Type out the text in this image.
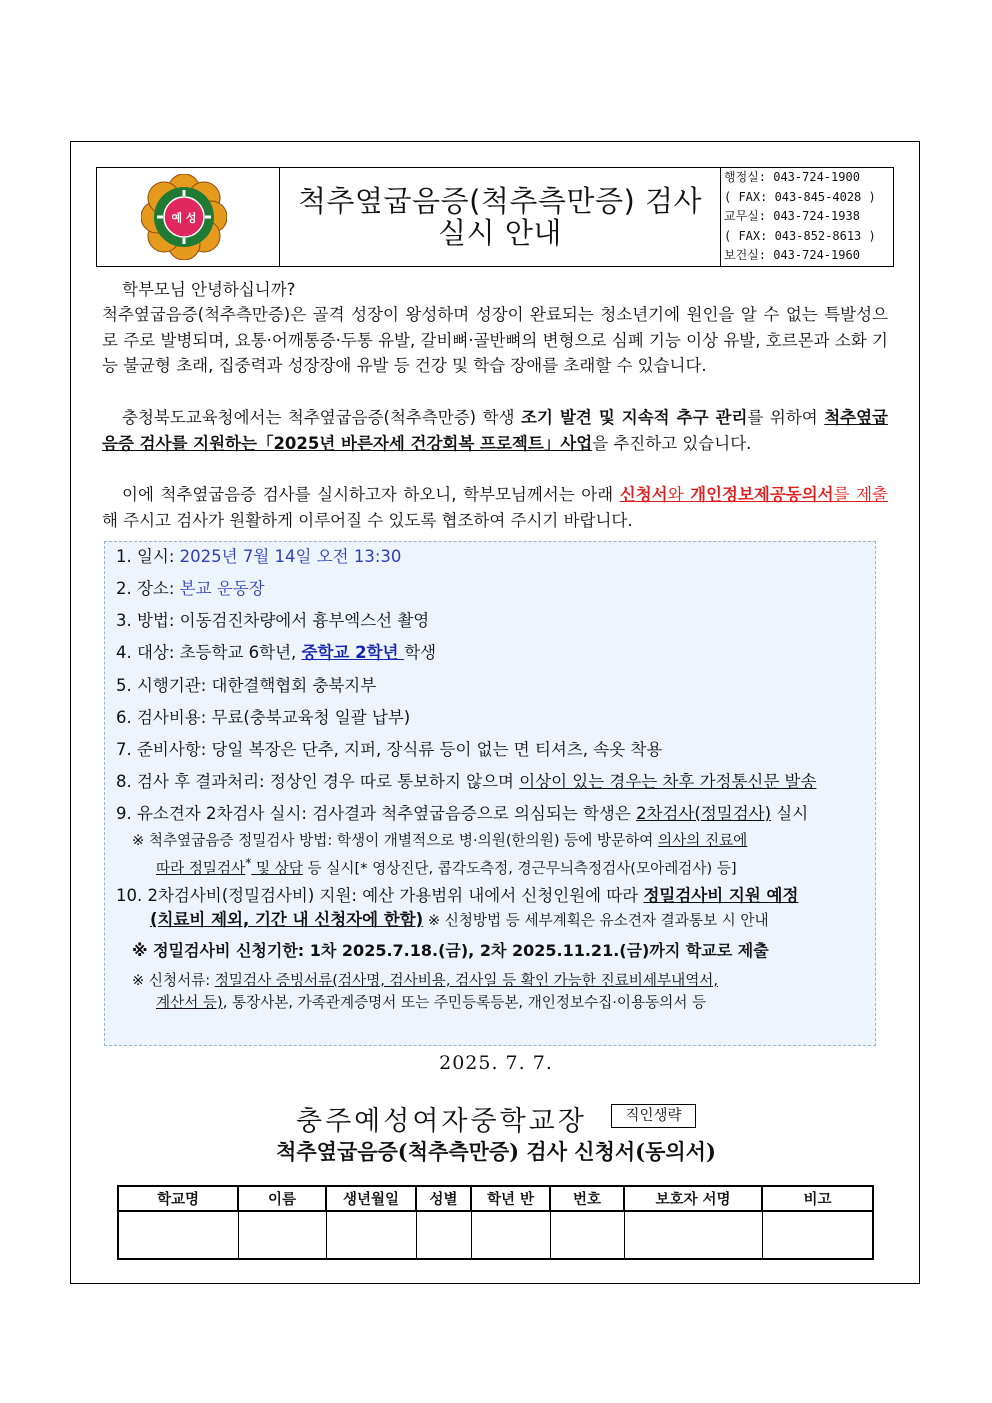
예 성	척추옆굽음증(척추측만증) 검사
실시 안내
행정실: 043-724-1900
( FAX: 043-845-4028 )
교무실: 043-724-1938
( FAX: 043-852-8613 )
보건실: 043-724-1960
학부모님 안녕하십니까?
척추옆굽음증(척추측만증)은 골격 성장이 왕성하며 성장이 완료되는 청소년기에 원인을 알 수 없는 특발성으로 주로 발병되며, 요통·어깨통증·두통 유발, 갈비뼈·골반뼈의 변형으로 심폐 기능 이상 유발, 호르몬과 소화 기능 불균형 초래, 집중력과 성장장애 유발 등 건강 및 학습 장애를 초래할 수 있습니다.
충청북도교육청에서는 척추옆굽음증(척추측만증) 학생 조기 발견 및 지속적 추구 관리를 위하여 척추옆굽음증 검사를 지원하는「2025년 바른자세 건강회복 프로젝트」사업을 추진하고 있습니다.
이에 척추옆굽음증 검사를 실시하고자 하오니, 학부모님께서는 아래 신청서와 개인정보제공동의서를 제출해 주시고 검사가 원활하게 이루어질 수 있도록 협조하여 주시기 바랍니다.
1. 일시: 2025년 7월 14일 오전 13:30
2. 장소: 본교 운동장
3. 방법: 이동검진차량에서 흉부엑스선 촬영
4. 대상: 초등학교 6학년, 중학교 2학년 학생
5. 시행기관: 대한결핵협회 충북지부
6. 검사비용: 무료(충북교육청 일괄 납부)
7. 준비사항: 당일 복장은 단추, 지퍼, 장식류 등이 없는 면 티셔츠, 속옷 착용
8. 검사 후 결과처리: 정상인 경우 따로 통보하지 않으며 이상이 있는 경우는 차후 가정통신문 발송
9. 유소견자 2차검사 실시: 검사결과 척추옆굽음증으로 의심되는 학생은 2차검사(정밀검사) 실시
※ 척추옆굽음증 정밀검사 방법: 학생이 개별적으로 병·의원(한의원) 등에 방문하여 의사의 진료에
따라 정밀검사* 및 상담 등 실시[* 영상진단, 콥각도측정, 경근무늬측정검사(모아레검사) 등]
10. 2차검사비(정밀검사비) 지원: 예산 가용범위 내에서 신청인원에 따라 정밀검사비 지원 예정
(치료비 제외, 기간 내 신청자에 한함) ※ 신청방법 등 세부계획은 유소견자 결과통보 시 안내
※ 정밀검사비 신청기한: 1차 2025.7.18.(금), 2차 2025.11.21.(금)까지 학교로 제출
※ 신청서류: 정밀검사 증빙서류(검사명, 검사비용, 검사일 등 확인 가능한 진료비세부내역서,
계산서 등), 통장사본, 가족관계증명서 또는 주민등록등본, 개인정보수집·이용동의서 등
2025. 7. 7.
충주예성여자중학교장	직인생략
척추옆굽음증(척추측만증) 검사 신청서(동의서)
학교명	이름	생년월일	성별	학년 반	번호	보호자 서명	비고
